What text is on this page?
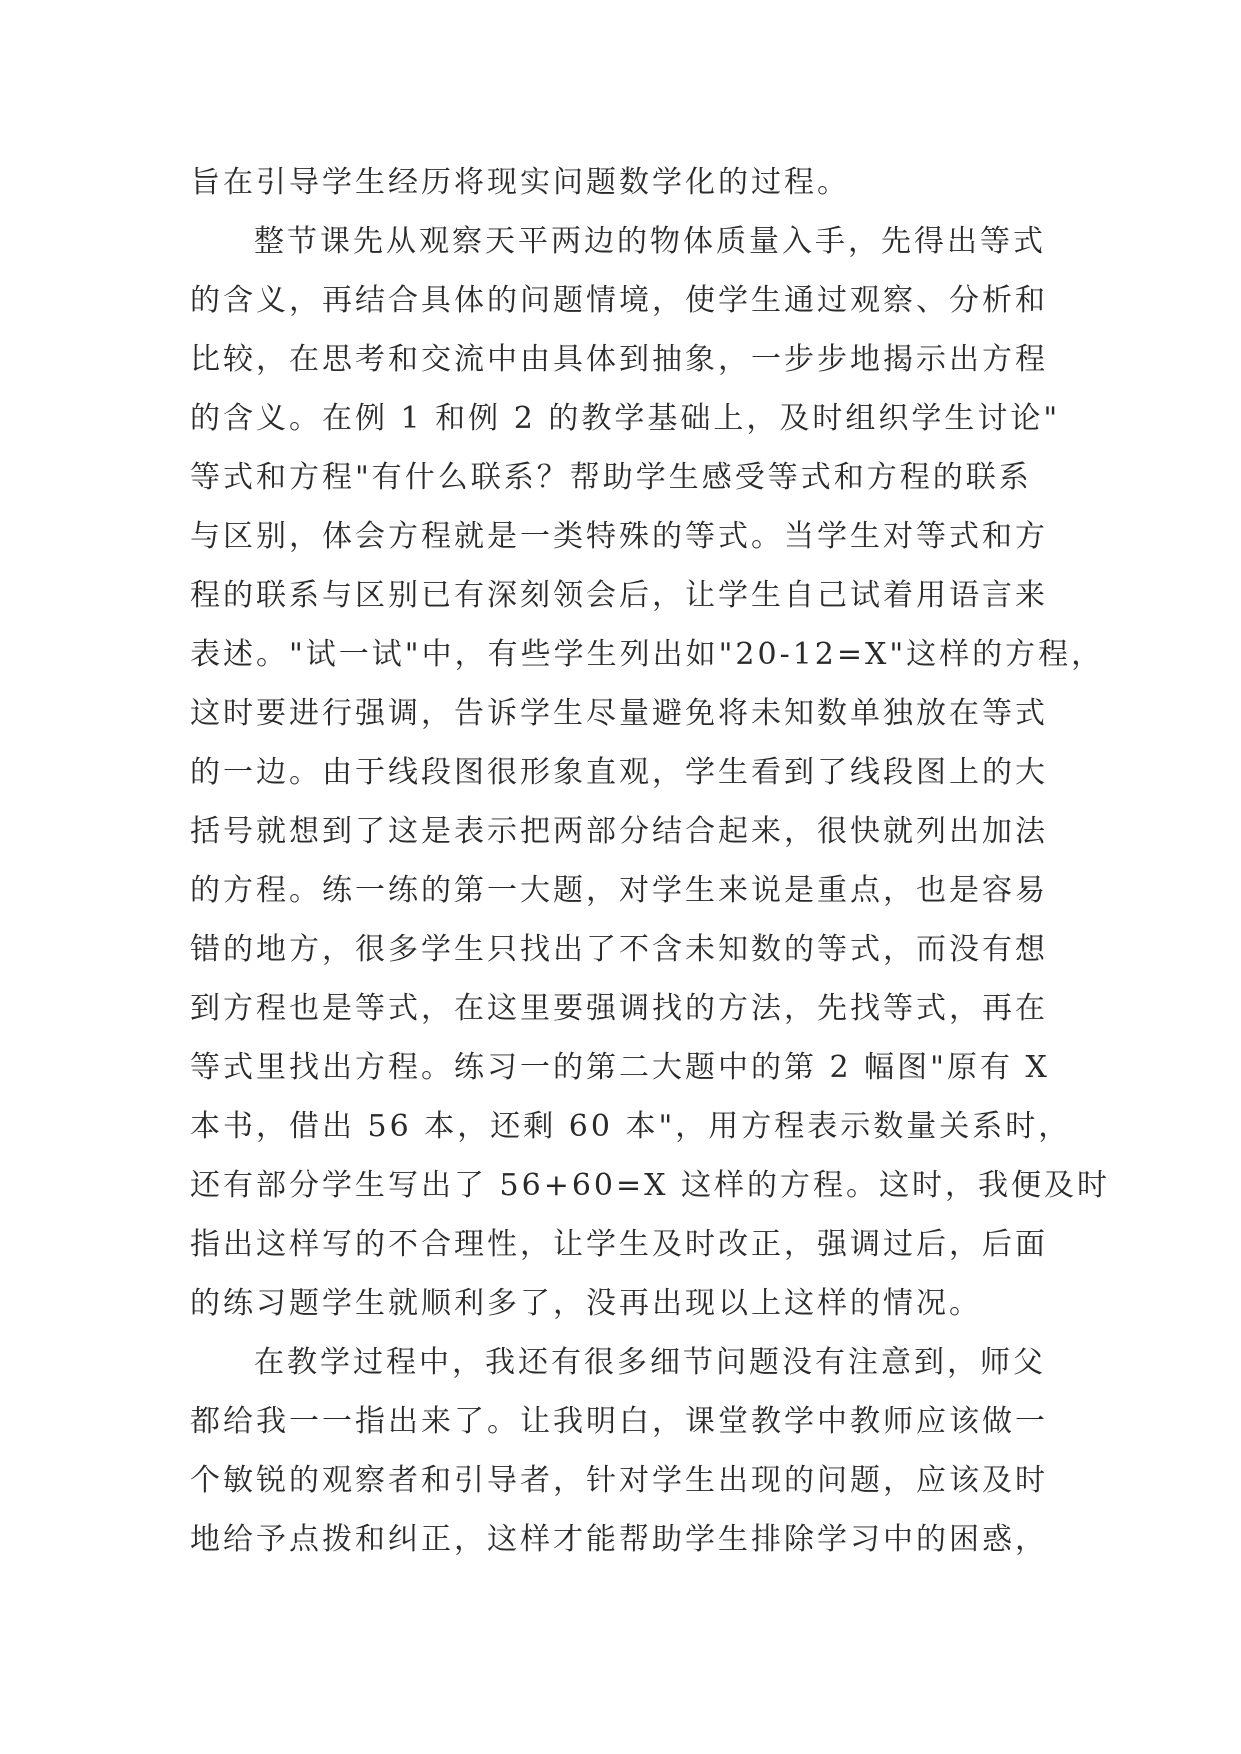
旨在引导学生经历将现实问题数学化的过程。
整节课先从观察天平两边的物体质量入手，先得出等式
的含义，再结合具体的问题情境，使学生通过观察、分析和
比较，在思考和交流中由具体到抽象，一步步地揭示出方程
的含义。在例 1 和例 2 的教学基础上，及时组织学生讨论"
等式和方程"有什么联系？帮助学生感受等式和方程的联系
与区别，体会方程就是一类特殊的等式。当学生对等式和方
程的联系与区别已有深刻领会后，让学生自己试着用语言来
表述。"试一试"中，有些学生列出如"20-12=X"这样的方程，
这时要进行强调，告诉学生尽量避免将未知数单独放在等式
的一边。由于线段图很形象直观，学生看到了线段图上的大
括号就想到了这是表示把两部分结合起来，很快就列出加法
的方程。练一练的第一大题，对学生来说是重点，也是容易
错的地方，很多学生只找出了不含未知数的等式，而没有想
到方程也是等式，在这里要强调找的方法，先找等式，再在
等式里找出方程。练习一的第二大题中的第 2 幅图"原有 X
本书，借出 56 本，还剩 60 本"，用方程表示数量关系时，
还有部分学生写出了 56+60=X 这样的方程。这时，我便及时
指出这样写的不合理性，让学生及时改正，强调过后，后面
的练习题学生就顺利多了，没再出现以上这样的情况。
在教学过程中，我还有很多细节问题没有注意到，师父
都给我一一指出来了。让我明白，课堂教学中教师应该做一
个敏锐的观察者和引导者，针对学生出现的问题，应该及时
地给予点拨和纠正，这样才能帮助学生排除学习中的困惑，
